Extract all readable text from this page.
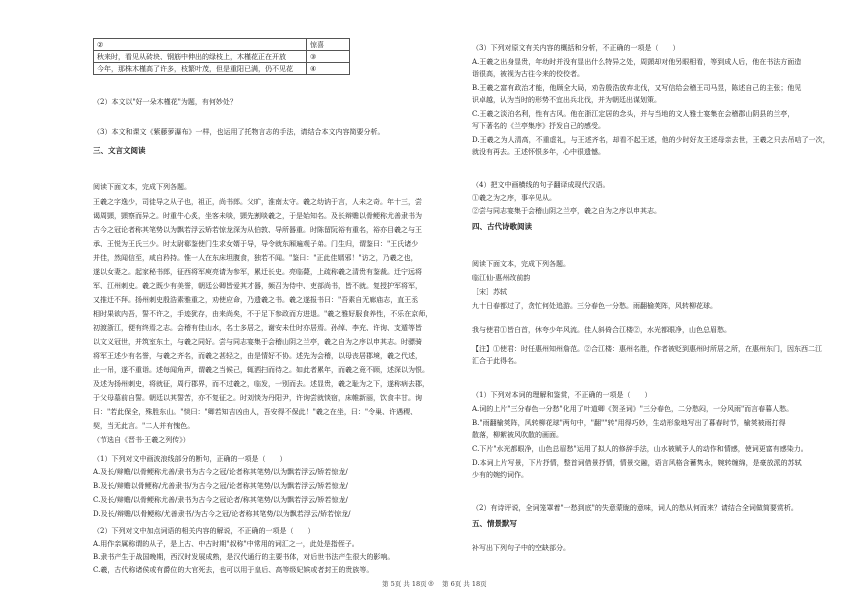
②	惊喜
秋来时，看见从砖块、钢筋中伸出的绿枝上，木槿花正在开放	③
今年，那株木槿高了许多，枝繁叶茂，但是重阳已满，仍不见花	④
（2）本文以"好一朵木槿花"为题，有何妙处？
（3）本文和课文《紫藤萝瀑布》一样，也运用了托物言志的手法，请结合本文内容简要分析。
三、文言文阅读
阅读下面文本，完成下列各题。
王羲之字逸少，司徒导之从子也，祖正，尚书郎。父旷，淮南太守。羲之幼讷于言，人未之奇。年十三，尝
谒周顗，顗察而异之。时重牛心炙，坐客未啖，顗先割啖羲之，于是始知名。及长辩赡以骨鲠称尤善隶书为
古今之冠论者称其笔势以为飘若浮云矫若惊龙深为从伯敦、导所器重。时陈留阮裕有重名，裕亦目羲之与王
承、王悦为王氏三少。时太尉郗鉴使门生求女婿于导，导令就东厢遍观子弟。门生归，谓鉴曰："王氏诸少
并佳，然闻信至，咸自矜持。惟一人在东床坦腹食，独若不闻。"鉴曰："正此佳婿邪！"访之，乃羲之也，
遂以女妻之。起家秘书郎，征西将军庾亮请为参军，累迁长史。亮临薨，上疏称羲之清贵有鉴裁。迁宁远将
军、江州刺史。羲之既少有美誉，朝廷公卿皆爱其才器，频召为侍中、吏部尚书，皆不就。复授护军将军，
又推迁不拜。扬州刺史殷浩素雅重之，劝使应命，乃遗羲之书。羲之遂报书曰："吾素自无廊庙志，直王丞
相时果欲内吾，誓不许之，手迹犹存，由来尚矣，不于足下参政而方进退。"羲之雅好服食养性，不乐在京师，
初渡浙江，便有终焉之志。会稽有佳山水，名士多居之，谢安未仕时亦居焉。孙绰、李充、许询、支遁等皆
以文义冠世，并筑室东土，与羲之同好。尝与同志宴集于会稽山阴之兰亭，羲之自为之序以申其志。时骠骑
将军王述少有名誉，与羲之齐名，而羲之甚轻之，由是情好不协。述先为会稽，以母丧居郡境，羲之代述，
止一吊，遂不重诣。述每闻角声，谓羲之当候己，辄洒扫而待之。如此者累年，而羲之竟不顾，述深以为恨。
及述为扬州刺史，将就征，周行郡界，而不过羲之，临发，一别而去。述显贵，羲之耻为之下，遂称病去郡，
于父母墓前自誓。朝廷以其誓苦，亦不复征之。时刘惔为丹阳尹，许询尝就惔宿，床帷新丽，饮食丰甘。询
曰："若此保全，殊胜东山。"惔曰："卿若知吉凶由人，吾安得不保此！"羲之在坐，曰："令巢、许遇稷、
契，当无此言。"二人并有愧色。
（节选自《晋书·王羲之列传》）
（1）下列对文中画波浪线部分的断句，正确的一项是（　　）
A.及长/辩赡/以骨鲠称尤善/隶书为古今之冠/论者称其笔势/以为飘若浮云/矫若惊龙/
B.及长/辩赡以骨鲠称/尤善隶书/为古今之冠/论者称其笔势/以为飘若浮云/矫若惊龙/
C.及长/辩赡/以骨鲠称尤善/隶书为古今之冠论者/称其笔势/以为飘若浮云/矫若惊龙/
D.及长/辩赡/以骨鲠称/尤善隶书/为古今之冠/论者称其笔势/以为飘若浮云/矫若惊龙/
（2）下列对文中加点词语的相关内容的解说，不正确的一项是（　　）
A.用作亲属称谓的从子，是上古、中古时期"叔称"中常用的词汇之一，此处是指侄子。
B.隶书产生于战国晚期，西汉时发展成熟，是汉代通行的主要书体，对后世书法产生很大的影响。
C.羲，古代称诸侯或有爵位的大官死去，也可以用于皇后、高等级妃嫔或者封王的贵族等。
（3）下列对原文有关内容的概括和分析，不正确的一项是（　　）
A.王羲之出身显贵，年幼时并没有显出什么特异之处，周顗却对他另眼相看，等到成人后，他在书法方面造
诣很高，被视为古往今来的佼佼者。
B.王羲之富有政治才能，他顾全大局，劝告殷浩放弃北伐，又写信给会稽王司马昱，陈述自己的主张；他见
识卓越，认为当时的形势不宜出兵北伐，并为朝廷出谋划策。
C.王羲之淡泊名利，性有古风。他在浙江定居的念头，并与当地的文人雅士宴集在会稽郡山阴县的兰亭，
写下著名的《兰亭集序》抒发自己的感受。
D.王羲之为人清高，不重虚礼，与王述齐名，却看不起王述，他的少时好友王述母亲去世，王羲之只去吊唁了一次，
就没有再去。王述怀恨多年，心中很遗憾。
（4）把文中画横线的句子翻译成现代汉语。
①羲之为之序，事辛见从。
②尝与同志宴集于会稽山阴之兰亭，羲之自为之序以申其志。
四、古代诗歌阅读
阅读下面文本，完成下列各题。
临江仙·惠州改前韵
［宋］苏轼
九十日春都过了，贪忙何处追游。三分春色一分愁。雨翻榆荚阵，风转柳花球。
我与使君①皆白首，休夸少年风流。佳人斜倚合江楼②，水光都眼净，山色总眉愁。
【注】①使君：时任惠州知州詹范。②合江楼：惠州名胜，作者被贬到惠州时所居之所，在惠州东门，因东西二江
汇合于此得名。
（1）下列对本词的理解和鉴赏，不正确的一项是（　　）
A.词的上片"三分春色一分愁"化用了叶道卿《贺圣词》"三分春色，二分愁闷，一分风雨"而言春暮人愁。
B."雨翻榆荚阵，风转柳花球"两句中，"翻""转"用得巧妙，生动形象地写出了暮春时节，榆荚被雨打得
散落，柳絮被风吹散的画面。
C.下片"水光都眼净，山色总眉愁"运用了拟人的修辞手法，山水被赋予人的动作和情感，使词更富有感染力。
D.本词上片写景，下片抒情，整首词借景抒情，情景交融，语言风格含蓄隽永，婉转缠绵，是豪放派的苏轼
少有的婉约词作。
（2）有诗评说，全词笼罩着"一愁到底"的失意蒙眬的意味，词人的愁从何而来？请结合全词做简要赏析。
五、情景默写
补写出下列句子中的空缺部分。
第 5页 共 18页 ◎ 第 6页 共 18页
